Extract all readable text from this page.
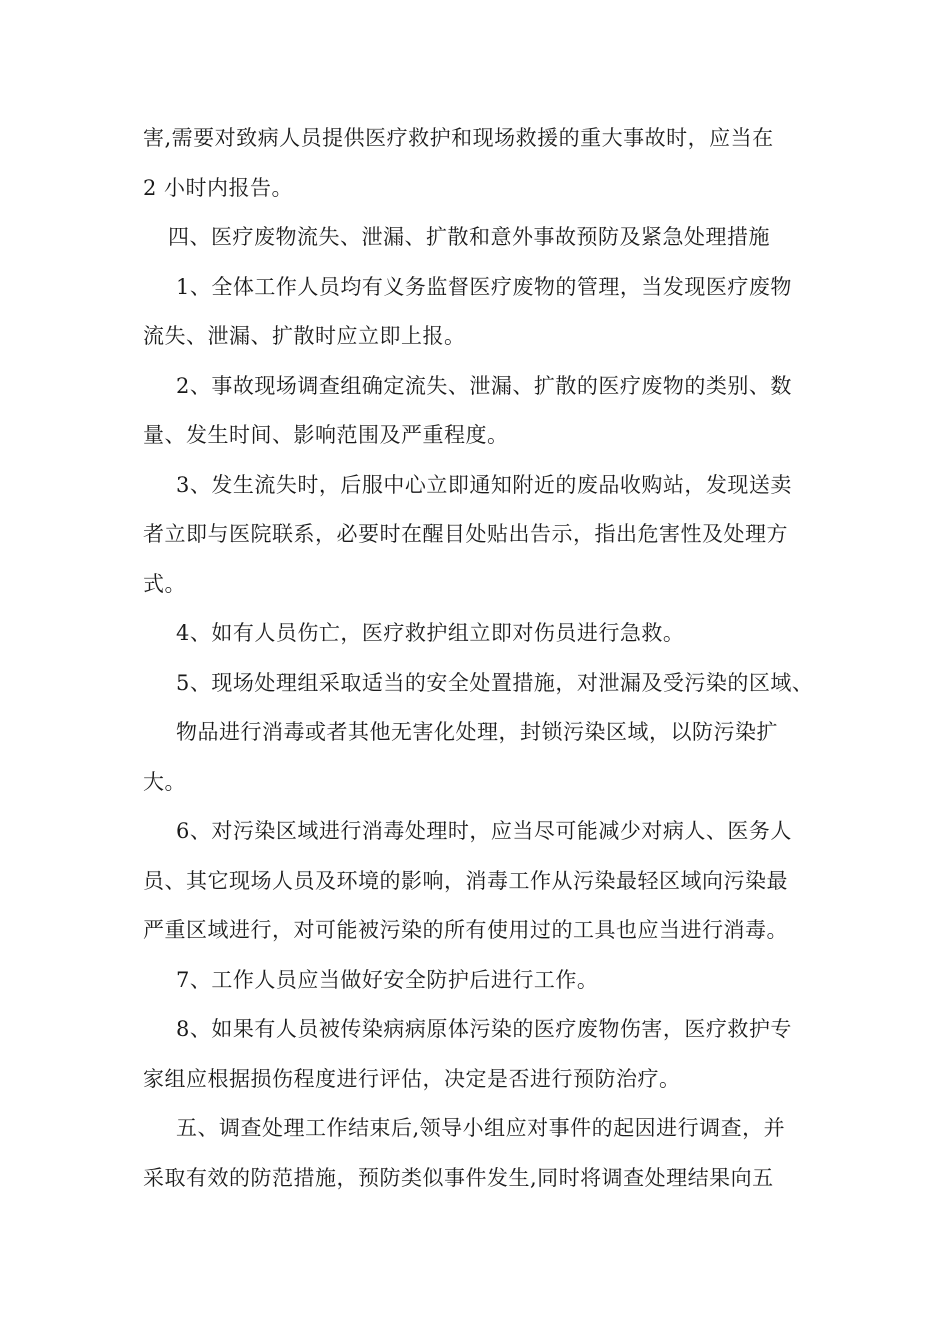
害,需要对致病人员提供医疗救护和现场救援的重大事故时，应当在
2 小时内报告。
四、医疗废物流失、泄漏、扩散和意外事故预防及紧急处理措施
1、全体工作人员均有义务监督医疗废物的管理，当发现医疗废物
流失、泄漏、扩散时应立即上报。
2、事故现场调查组确定流失、泄漏、扩散的医疗废物的类别、数
量、发生时间、影响范围及严重程度。
3、发生流失时，后服中心立即通知附近的废品收购站，发现送卖
者立即与医院联系，必要时在醒目处贴出告示，指出危害性及处理方
式。
4、如有人员伤亡，医疗救护组立即对伤员进行急救。
5、现场处理组采取适当的安全处置措施，对泄漏及受污染的区域、
物品进行消毒或者其他无害化处理，封锁污染区域，以防污染扩
大。
6、对污染区域进行消毒处理时，应当尽可能减少对病人、医务人
员、其它现场人员及环境的影响，消毒工作从污染最轻区域向污染最
严重区域进行，对可能被污染的所有使用过的工具也应当进行消毒。
7、工作人员应当做好安全防护后进行工作。
8、如果有人员被传染病病原体污染的医疗废物伤害，医疗救护专
家组应根据损伤程度进行评估，决定是否进行预防治疗。
五、调查处理工作结束后,领导小组应对事件的起因进行调查，并
采取有效的防范措施，预防类似事件发生,同时将调查处理结果向五
